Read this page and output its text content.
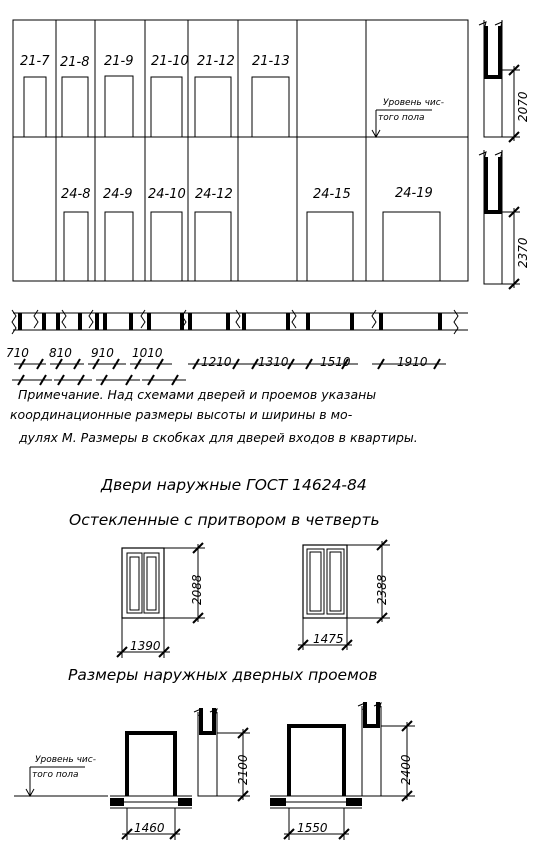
21-7 21-8 21-9 21-10 21-12 21-13
Уровень чис-
того пола
24-8 24-9 24-10 24-12	24-15	24-19
2070
2370
710 810 910 1010
1210 1310	1510	1910
Примечание. Над схемами дверей и проемов указаны
координационные размеры высоты и ширины в мо-
дулях М. Размеры в скобках для дверей входов в квартиры.
Двери наружные ГОСТ 14624-84
Остекленные с притвором в четверть
2088
1390
2388
1475
Размеры наружных дверных проемов
Уровень чис-
того пола	2100
1460
2400
1550
